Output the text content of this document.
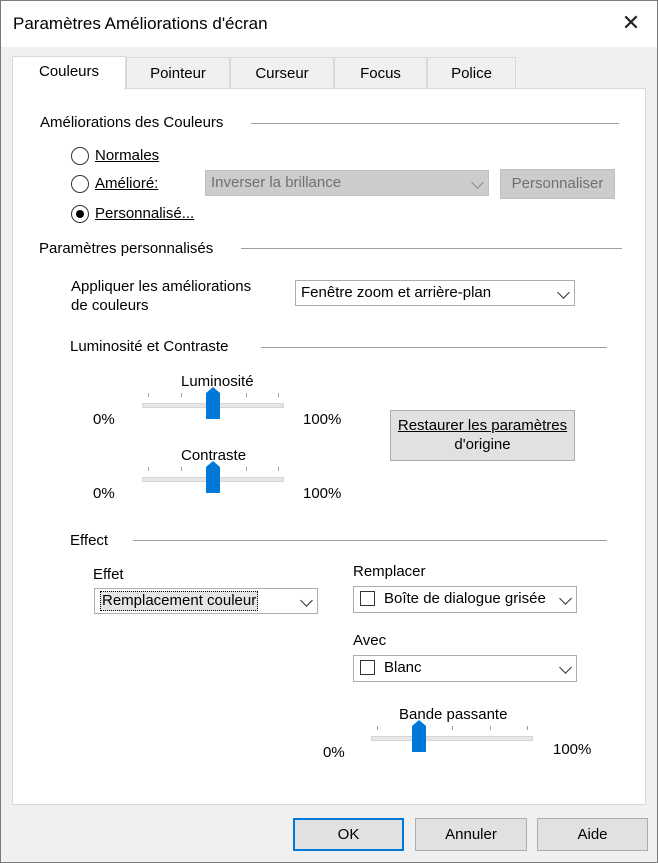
Paramètres Améliorations d'écran	✕
Couleurs	Pointeur	Curseur	Focus	Police
Améliorations des Couleurs
Normales
Amélioré:	Inverser la brillance	Personnaliser
Personnalisé...
Paramètres personnalisés
Appliquer les améliorations
de couleurs
Fenêtre zoom et arrière-plan
Luminosité et Contraste
Luminosité
0%	100%
Contraste
0%	100%
Restaurer les paramètres
d'origine
Effect
Effet
Remplacement couleur
Remplacer
Boîte de dialogue grisée
Avec
Blanc
Bande passante
0%	100%
OK	Annuler	Aide
